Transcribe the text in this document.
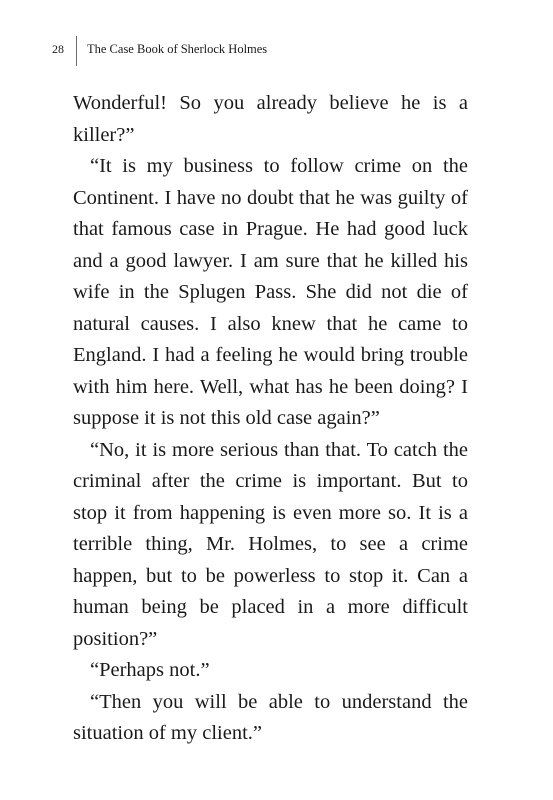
28 The Case Book of Sherlock Holmes

Wonderful! So you already believe he is a killer?”

“It is my business to follow crime on the Continent. I have no doubt that he was guilty of that famous case in Prague. He had good luck and a good lawyer. I am sure that he killed his wife in the Splugen Pass. She did not die of natural causes. I also knew that he came to England. I had a feeling he would bring trouble with him here. Well, what has he been doing? I suppose it is not this old case again?”

“No, it is more serious than that. To catch the criminal after the crime is important. But to stop it from happening is even more so. It is a terrible thing, Mr. Holmes, to see a crime happen, but to be powerless to stop it. Can a human being be placed in a more difficult position?”

“Perhaps not.”

“Then you will be able to understand the situation of my client.”
